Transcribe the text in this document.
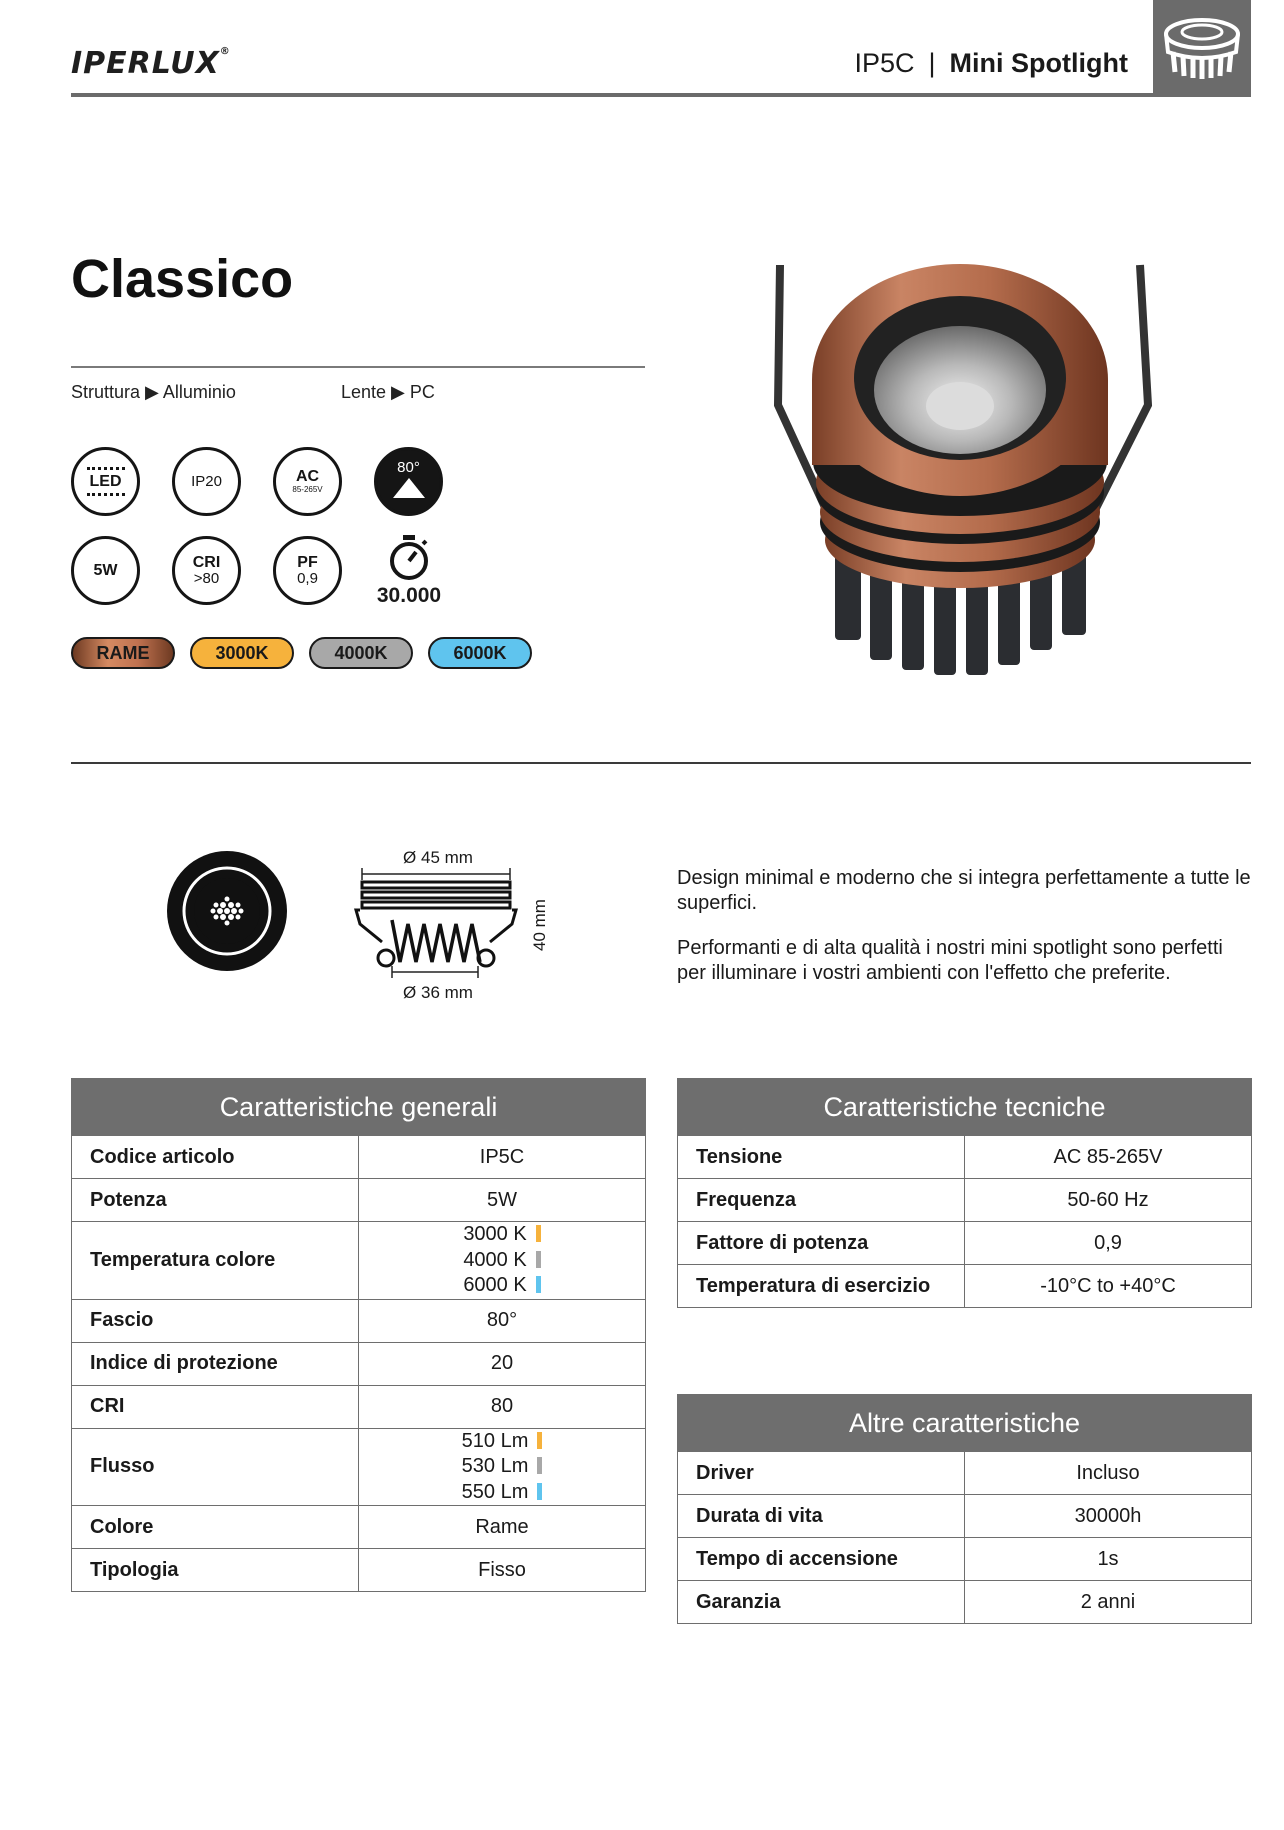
IPERLUX®	IP5C | Mini Spotlight
Classico
Struttura ▶ Alluminio	Lente ▶ PC
LED	IP20	AC
85-265V
80°
5W	CRI
>80
PF
0,9
30.000
RAME	3000K	4000K	6000K
Ø 45 mm
Ø 36 mm
40 mm
Design minimal e moderno che si integra perfettamente a tutte le superfici.
Performanti e di alta qualità i nostri mini spotlight sono perfetti per illuminare i vostri ambienti con l'effetto che preferite.
Caratteristiche generali	
Codice articolo	IP5C
Potenza	5W
Temperatura colore	3000 K
4000 K
6000 K

Fascio	80°
Indice di protezione	20
CRI	80
Flusso	510 Lm
530 Lm
550 Lm

Colore	Rame
Tipologia	Fisso
Caratteristiche tecniche	
Tensione	AC 85-265V
Frequenza	50-60 Hz
Fattore di potenza	0,9
Temperatura di esercizio	-10°C to +40°C
Altre caratteristiche	
Driver	Incluso
Durata di vita	30000h
Tempo di accensione	1s
Garanzia	2 anni
